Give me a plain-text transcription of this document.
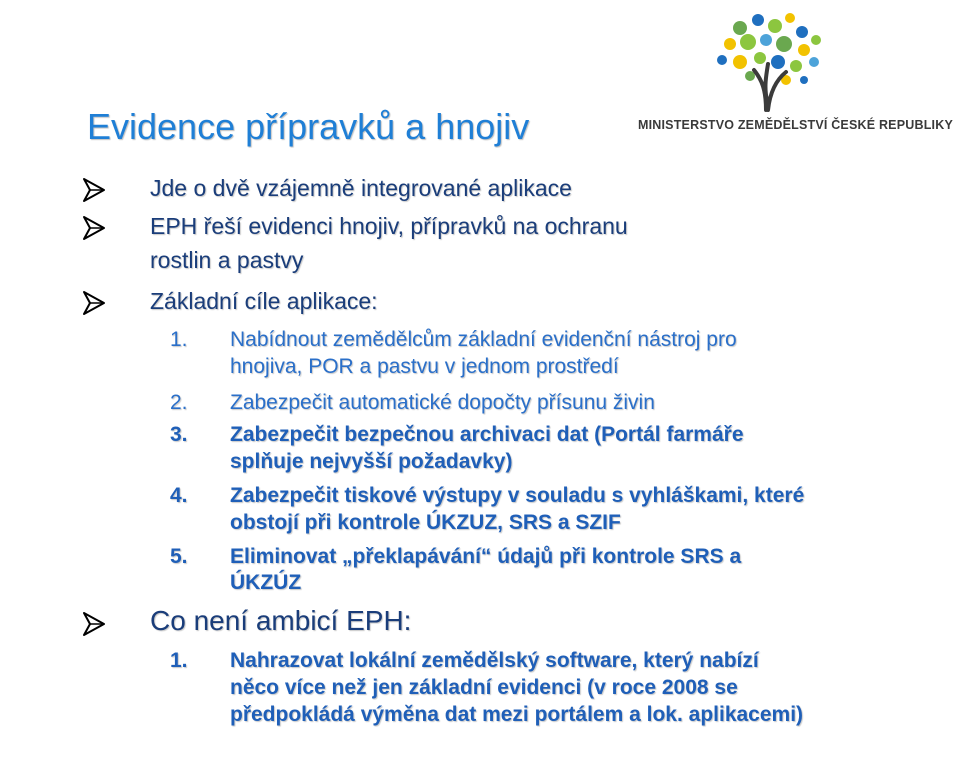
Evidence přípravků a hnojiv	MINISTERSTVO ZEMĚDĚLSTVÍ ČESKÉ REPUBLIKY
Jde o dvě vzájemně integrované aplikace
EPH řeší evidenci hnojiv, přípravků na ochranu
rostlin a pastvy
Základní cíle aplikace:
1. Nabídnout zemědělcům základní evidenční nástroj pro
hnojiva, POR a pastvu v jednom prostředí
2. Zabezpečit automatické dopočty přísunu živin
3. Zabezpečit bezpečnou archivaci dat (Portál farmáře
splňuje nejvyšší požadavky)
4. Zabezpečit tiskové výstupy v souladu s vyhláškami, které
obstojí při kontrole ÚKZUZ, SRS a SZIF
5. Eliminovat „překlapávání“ údajů při kontrole SRS a
ÚKZÚZ
Co není ambicí EPH:
1. Nahrazovat lokální zemědělský software, který nabízí
něco více než jen základní evidenci (v roce 2008 se
předpokládá výměna dat mezi portálem a lok. aplikacemi)
